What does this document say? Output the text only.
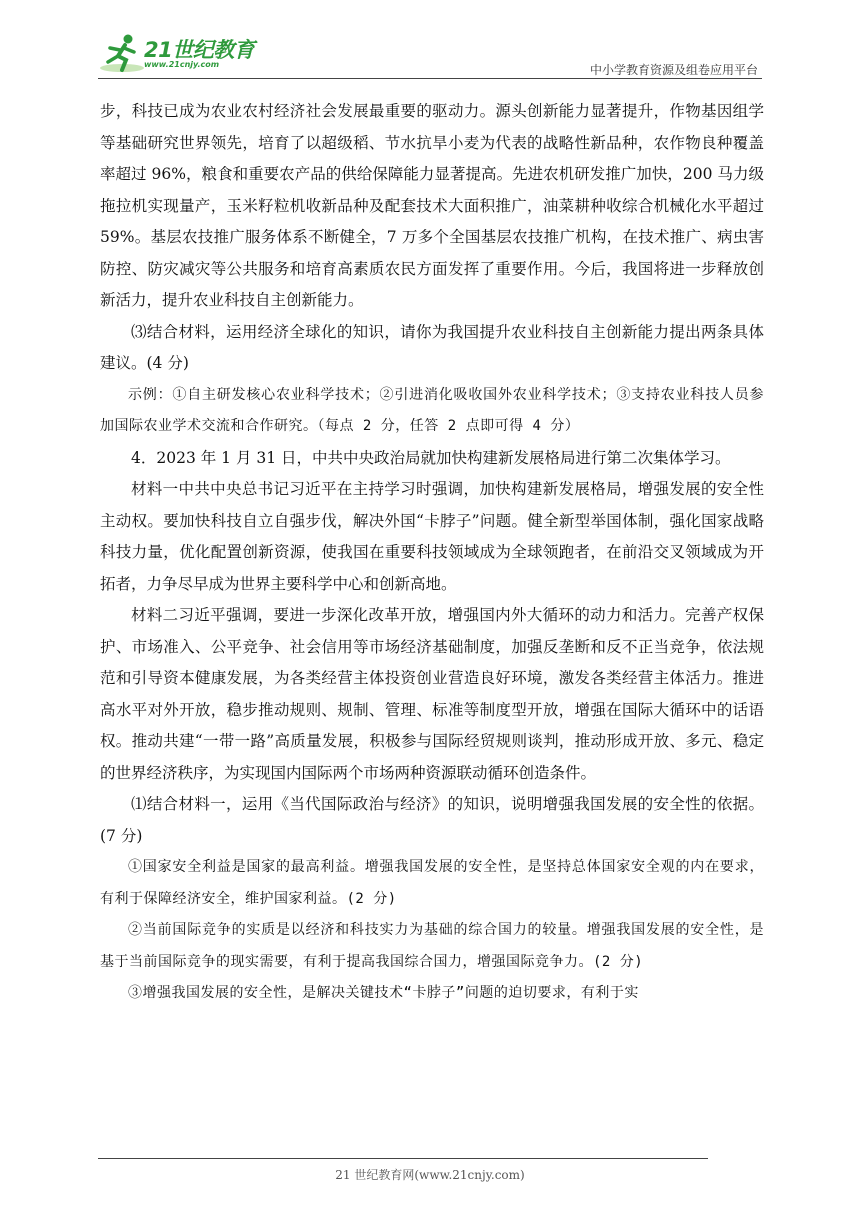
21世纪教育
www.21cnjy.com	中小学教育资源及组卷应用平台

步，科技已成为农业农村经济社会发展最重要的驱动力。源头创新能力显著提升，作物基因组学等基础研究世界领先，培育了以超级稻、节水抗旱小麦为代表的战略性新品种，农作物良种覆盖率超过 96%，粮食和重要农产品的供给保障能力显著提高。先进农机研发推广加快，200 马力级拖拉机实现量产，玉米籽粒机收新品种及配套技术大面积推广，油菜耕种收综合机械化水平超过 59%。基层农技推广服务体系不断健全，7 万多个全国基层农技推广机构，在技术推广、病虫害防控、防灾减灾等公共服务和培育高素质农民方面发挥了重要作用。今后，我国将进一步释放创新活力，提升农业科技自主创新能力。

⑶结合材料，运用经济全球化的知识，请你为我国提升农业科技自主创新能力提出两条具体建议。(4 分)

示例：①自主研发核心农业科学技术；②引进消化吸收国外农业科学技术；③支持农业科技人员参加国际农业学术交流和合作研究。（每点 2 分，任答 2 点即可得 4 分）

4．2023 年 1 月 31 日，中共中央政治局就加快构建新发展格局进行第二次集体学习。

材料一中共中央总书记习近平在主持学习时强调，加快构建新发展格局，增强发展的安全性主动权。要加快科技自立自强步伐，解决外国“卡脖子”问题。健全新型举国体制，强化国家战略科技力量，优化配置创新资源，使我国在重要科技领域成为全球领跑者，在前沿交叉领域成为开拓者，力争尽早成为世界主要科学中心和创新高地。

材料二习近平强调，要进一步深化改革开放，增强国内外大循环的动力和活力。完善产权保护、市场准入、公平竞争、社会信用等市场经济基础制度，加强反垄断和反不正当竞争，依法规范和引导资本健康发展，为各类经营主体投资创业营造良好环境，激发各类经营主体活力。推进高水平对外开放，稳步推动规则、规制、管理、标准等制度型开放，增强在国际大循环中的话语权。推动共建“一带一路”高质量发展，积极参与国际经贸规则谈判，推动形成开放、多元、稳定的世界经济秩序，为实现国内国际两个市场两种资源联动循环创造条件。

⑴结合材料一，运用《当代国际政治与经济》的知识，说明增强我国发展的安全性的依据。(7 分)

①国家安全利益是国家的最高利益。增强我国发展的安全性，是坚持总体国家安全观的内在要求，有利于保障经济安全，维护国家利益。(2 分)

②当前国际竞争的实质是以经济和科技实力为基础的综合国力的较量。增强我国发展的安全性，是基于当前国际竞争的现实需要，有利于提高我国综合国力，增强国际竞争力。(2 分)

③增强我国发展的安全性，是解决关键技术“卡脖子”问题的迫切要求，有利于实

21 世纪教育网(www.21cnjy.com)
